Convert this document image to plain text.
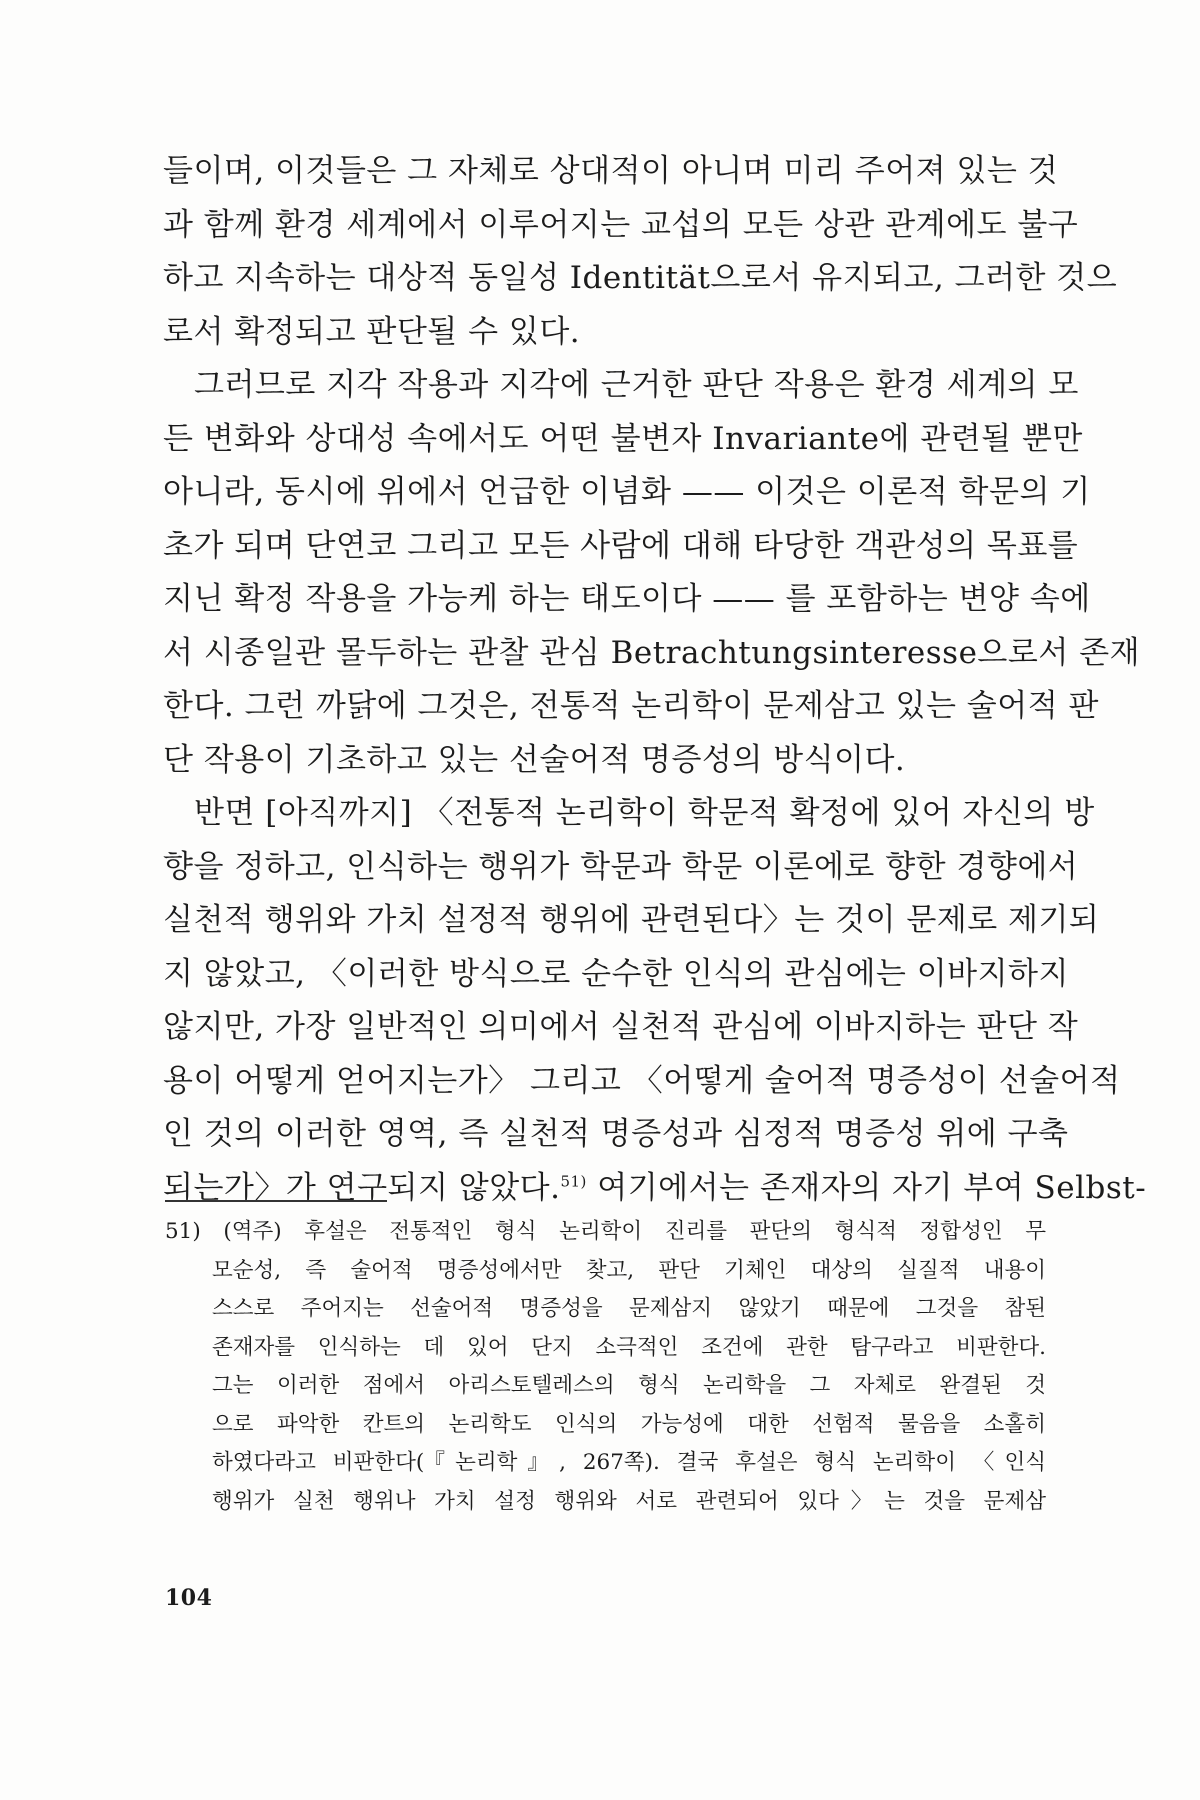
들이며, 이것들은 그 자체로 상대적이 아니며 미리 주어져 있는 것
과 함께 환경 세계에서 이루어지는 교섭의 모든 상관 관계에도 불구
하고 지속하는 대상적 동일성 Identität으로서 유지되고, 그러한 것으
로서 확정되고 판단될 수 있다.
그러므로 지각 작용과 지각에 근거한 판단 작용은 환경 세계의 모
든 변화와 상대성 속에서도 어떤 불변자 Invariante에 관련될 뿐만
아니라, 동시에 위에서 언급한 이념화 —— 이것은 이론적 학문의 기
초가 되며 단연코 그리고 모든 사람에 대해 타당한 객관성의 목표를
지닌 확정 작용을 가능케 하는 태도이다 —— 를 포함하는 변양 속에
서 시종일관 몰두하는 관찰 관심 Betrachtungsinteresse으로서 존재
한다. 그런 까닭에 그것은, 전통적 논리학이 문제삼고 있는 술어적 판
단 작용이 기초하고 있는 선술어적 명증성의 방식이다.
반면 [아직까지] 〈전통적 논리학이 학문적 확정에 있어 자신의 방
향을 정하고, 인식하는 행위가 학문과 학문 이론에로 향한 경향에서
실천적 행위와 가치 설정적 행위에 관련된다〉는 것이 문제로 제기되
지 않았고, 〈이러한 방식으로 순수한 인식의 관심에는 이바지하지
않지만, 가장 일반적인 의미에서 실천적 관심에 이바지하는 판단 작
용이 어떻게 얻어지는가〉 그리고 〈어떻게 술어적 명증성이 선술어적
인 것의 이러한 영역, 즉 실천적 명증성과 심정적 명증성 위에 구축
되는가〉가 연구되지 않았다.$^{51)}$ 여기에서는 존재자의 자기 부여 Selbst-
51) (역주) 후설은 전통적인 형식 논리학이 진리를 판단의 형식적 정합성인 무
모순성, 즉 술어적 명증성에서만 찾고, 판단 기체인 대상의 실질적 내용이
스스로 주어지는 선술어적 명증성을 문제삼지 않았기 때문에 그것을 참된
존재자를 인식하는 데 있어 단지 소극적인 조건에 관한 탐구라고 비판한다.
그는 이러한 점에서 아리스토텔레스의 형식 논리학을 그 자체로 완결된 것
으로 파악한 칸트의 논리학도 인식의 가능성에 대한 선험적 물음을 소홀히
하였다라고 비판한다(『논리학』, 267쪽). 결국 후설은 형식 논리학이 〈인식
행위가 실천 행위나 가치 설정 행위와 서로 관련되어 있다〉는 것을 문제삼
104
